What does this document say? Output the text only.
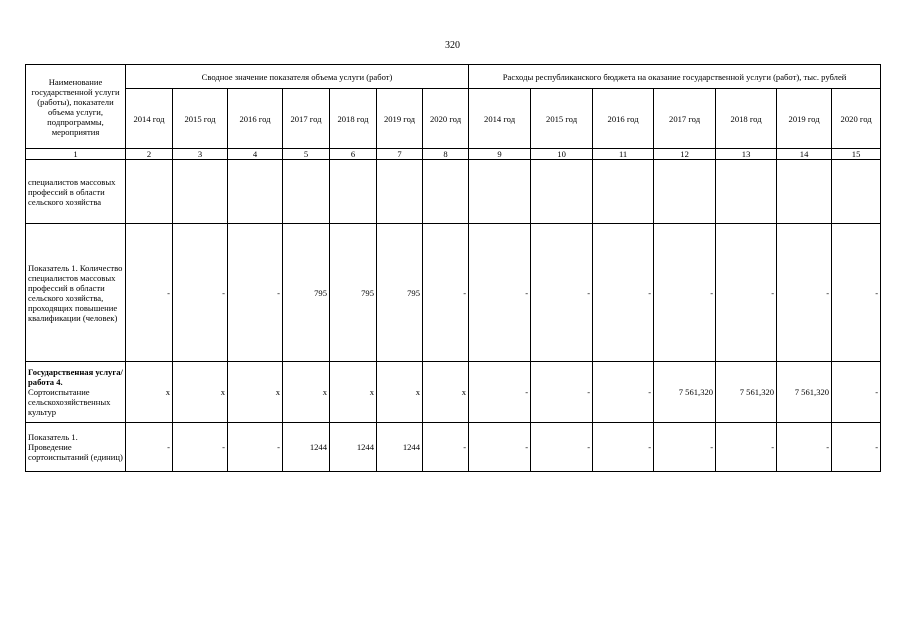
320
Наименование государственной услуги (работы), показатели объема услуги, подпрограммы, мероприятия	Сводное значение показателя объема услуги (работ)							Расходы республиканского бюджета на оказание государственной услуги (работ), тыс. рублей						
	2014 год	2015 год	2016 год	2017 год	2018 год	2019 год	2020 год	2014 год	2015 год	2016 год	2017 год	2018 год	2019 год	2020 год
1	2	3	4	5	6	7	8	9	10	11	12	13	14	15
специалистов массовых профессий в области сельского хозяйства														
Показатель 1. Количество специалистов массовых профессий в области сельского хозяйства, проходящих повышение квалификации (человек)	-	-	-	795	795	795	-	-	-	-	-	-	-	-
Государственная услуга/работа 4. Сортоиспытание сельскохозяйственных культур	x	x	x	x	x	x	x	-	-	-	7 561,320	7 561,320	7 561,320	-
Показатель 1. Проведение сортоиспытаний (единиц)	-	-	-	1244	1244	1244	-	-	-	-	-	-	-	-
